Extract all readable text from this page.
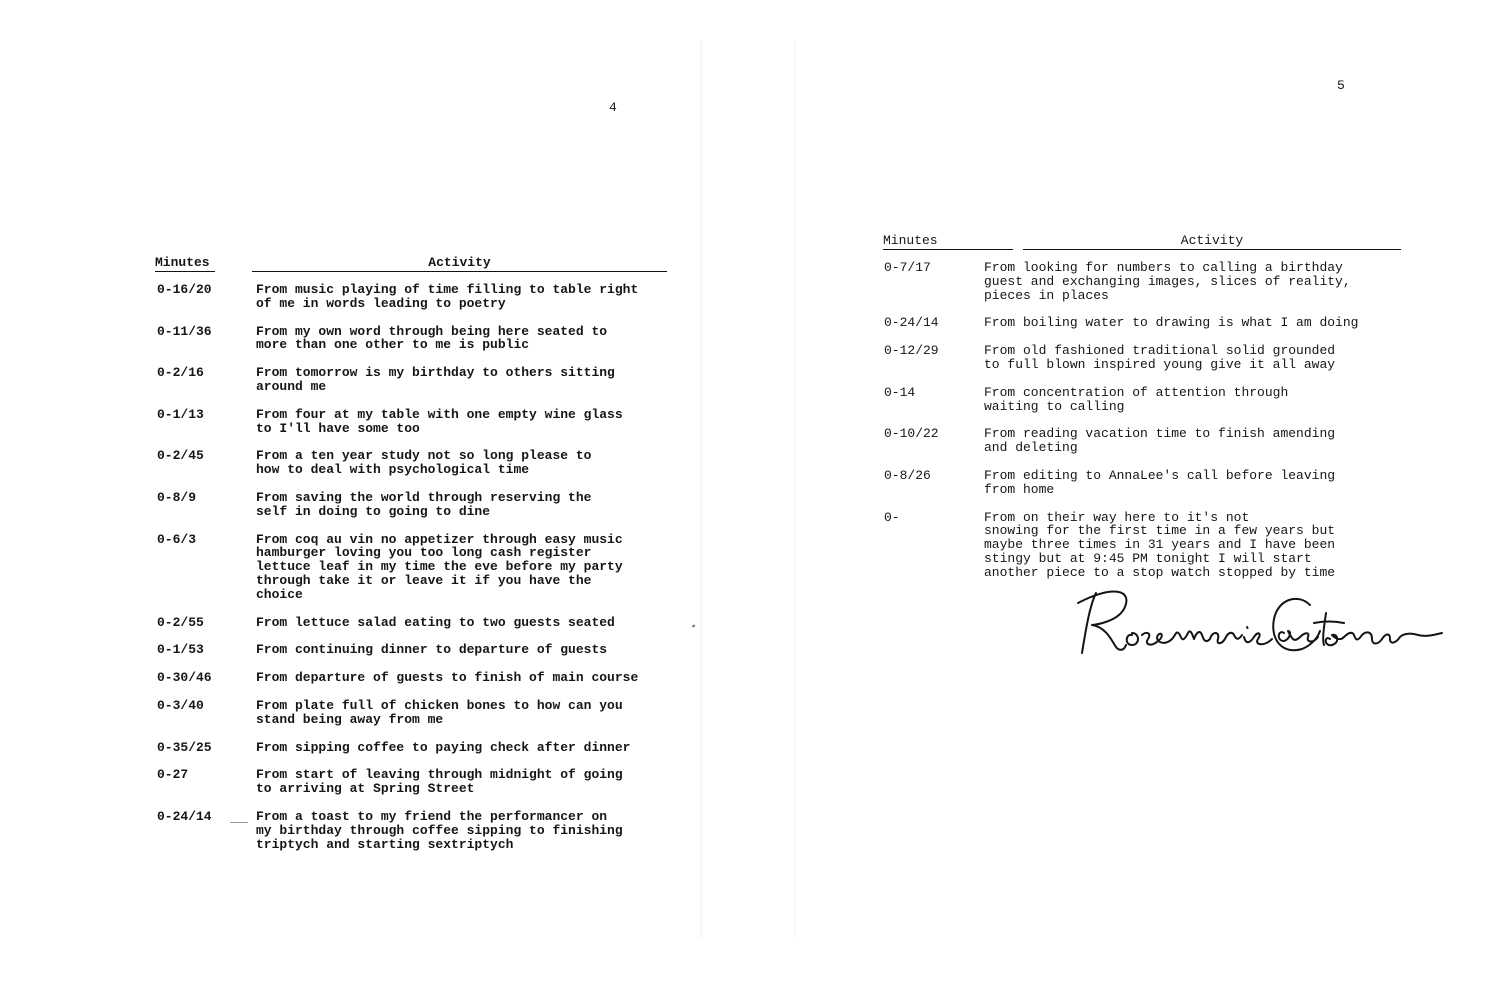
4
Minutes	Activity
0-16/20	From music playing of time filling to table right
of me in words leading to poetry
0-11/36	From my own word through being here seated to
more than one other to me is public
0-2/16	From tomorrow is my birthday to others sitting
around me
0-1/13	From four at my table with one empty wine glass
to I'll have some too
0-2/45	From a ten year study not so long please to
how to deal with psychological time
0-8/9	From saving the world through reserving the
self in doing to going to dine
0-6/3	From coq au vin no appetizer through easy music
hamburger loving you too long cash register
lettuce leaf in my time the eve before my party
through take it or leave it if you have the
choice
0-2/55	From lettuce salad eating to two guests seated
0-1/53	From continuing dinner to departure of guests
0-30/46	From departure of guests to finish of main course
0-3/40	From plate full of chicken bones to how can you
stand being away from me
0-35/25	From sipping coffee to paying check after dinner
0-27	From start of leaving through midnight of going
to arriving at Spring Street
0-24/14	From a toast to my friend the performancer on
my birthday through coffee sipping to finishing
triptych and starting sextriptych
5
Minutes	Activity
0-7/17	From looking for numbers to calling a birthday
guest and exchanging images, slices of reality,
pieces in places
0-24/14	From boiling water to drawing is what I am doing
0-12/29	From old fashioned traditional solid grounded
to full blown inspired young give it all away
0-14	From concentration of attention through
waiting to calling
0-10/22	From reading vacation time to finish amending
and deleting
0-8/26	From editing to AnnaLee's call before leaving
from home
0-	From on their way here to it's not
snowing for the first time in a few years but
maybe three times in 31 years and I have been
stingy but at 9:45 PM tonight I will start
another piece to a stop watch stopped by time
